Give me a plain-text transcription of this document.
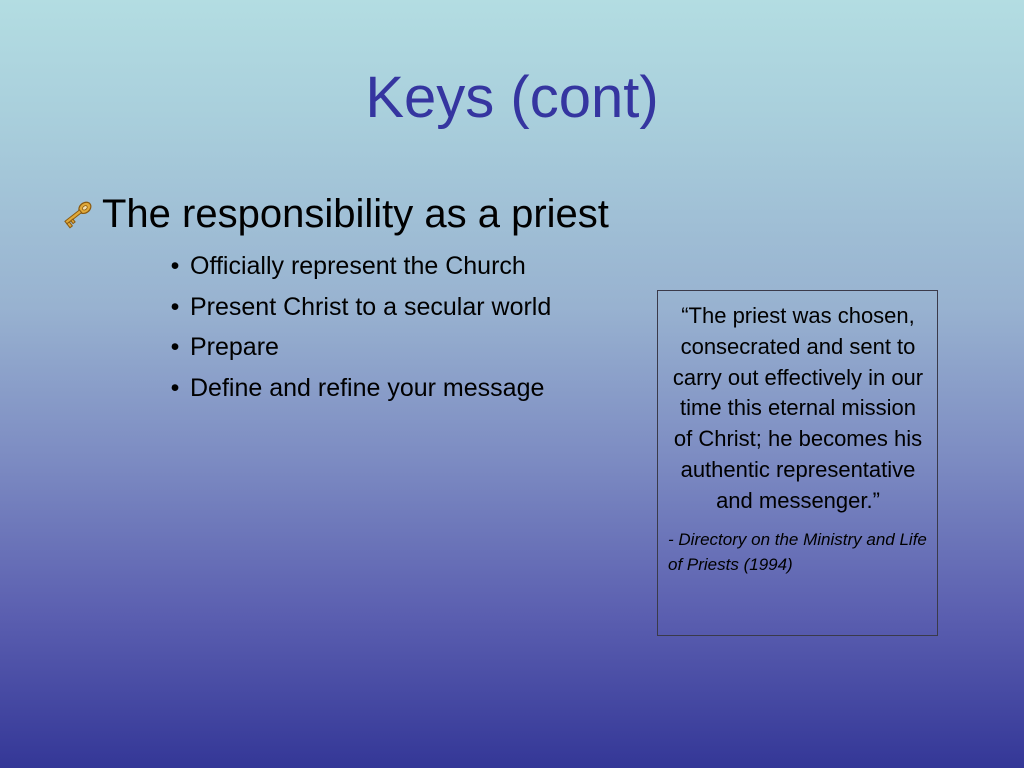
Keys (cont)
The responsibility as a priest
• Officially represent the Church
• Present Christ to a secular world
• Prepare
• Define and refine your message

“The priest was chosen, consecrated and sent to carry out effectively in our time this eternal mission of Christ; he becomes his authentic representative and messenger.”

- Directory on the Ministry and Life of Priests (1994)
